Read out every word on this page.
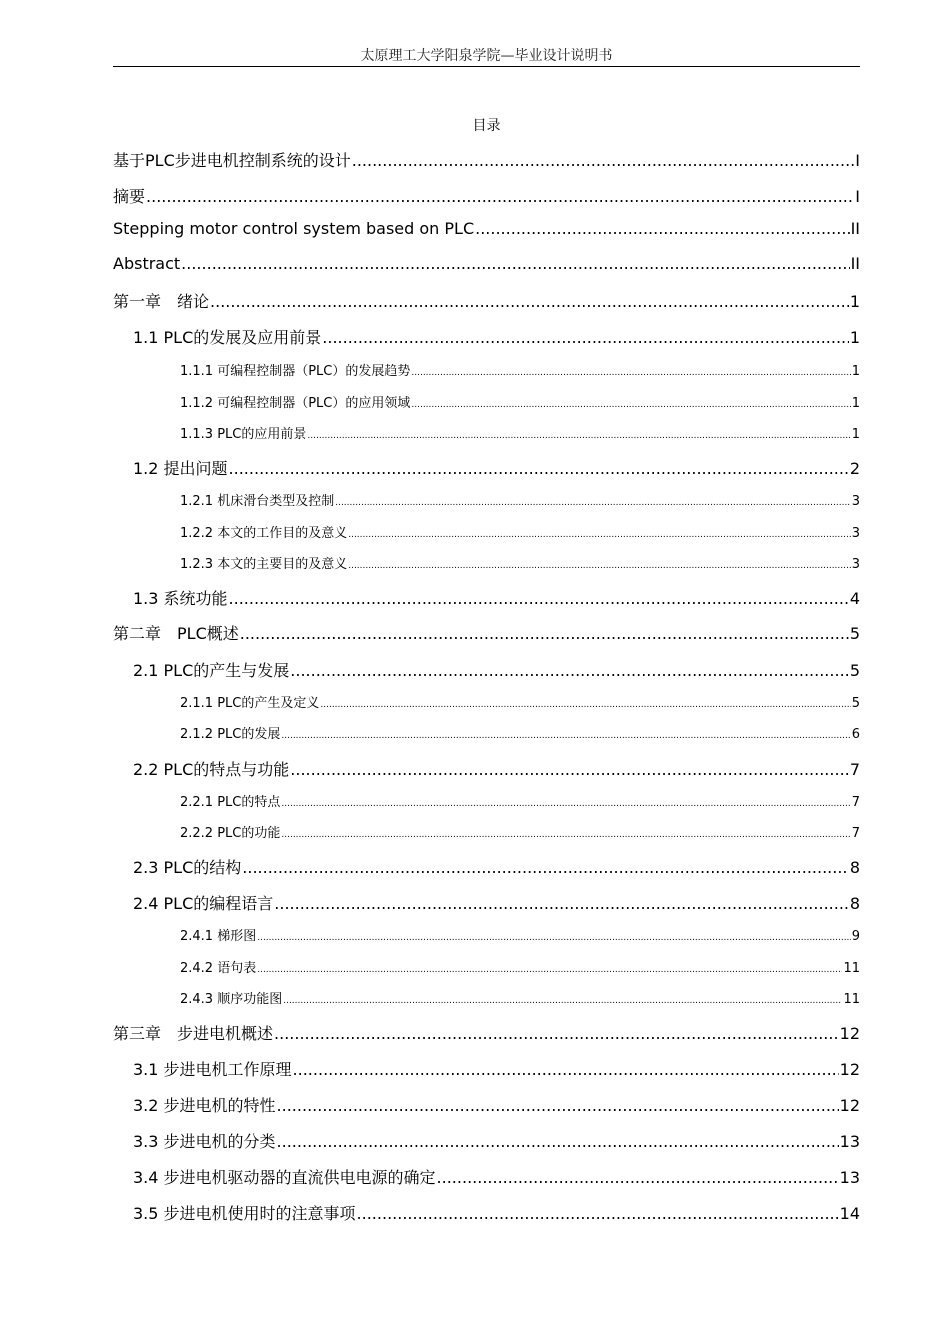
太原理工大学阳泉学院—毕业设计说明书
目录
基于PLC步进电机控制系统的设计 .....	I
摘要 .....	I
Stepping motor control system based on PLC .....	II
Abstract .....	II
第一章　绪论 .....	1
1.1 PLC的发展及应用前景 .....	1
1.1.1 可编程控制器（PLC）的发展趋势 .....	1
1.1.2 可编程控制器（PLC）的应用领域 .....	1
1.1.3 PLC的应用前景 .....	1
1.2 提出问题 .....	2
1.2.1 机床滑台类型及控制 .....	3
1.2.2 本文的工作目的及意义 .....	3
1.2.3 本文的主要目的及意义 .....	3
1.3 系统功能 .....	4
第二章　PLC概述 .....	5
2.1 PLC的产生与发展 .....	5
2.1.1 PLC的产生及定义 .....	5
2.1.2 PLC的发展 .....	6
2.2 PLC的特点与功能 .....	7
2.2.1 PLC的特点 .....	7
2.2.2 PLC的功能 .....	7
2.3 PLC的结构 .....	8
2.4 PLC的编程语言 .....	8
2.4.1 梯形图 .....	9
2.4.2 语句表 .....	11
2.4.3 顺序功能图 .....	11
第三章　步进电机概述 .....	12
3.1 步进电机工作原理 .....	12
3.2 步进电机的特性 .....	12
3.3 步进电机的分类 .....	13
3.4 步进电机驱动器的直流供电电源的确定 .....	13
3.5 步进电机使用时的注意事项 .....	14
